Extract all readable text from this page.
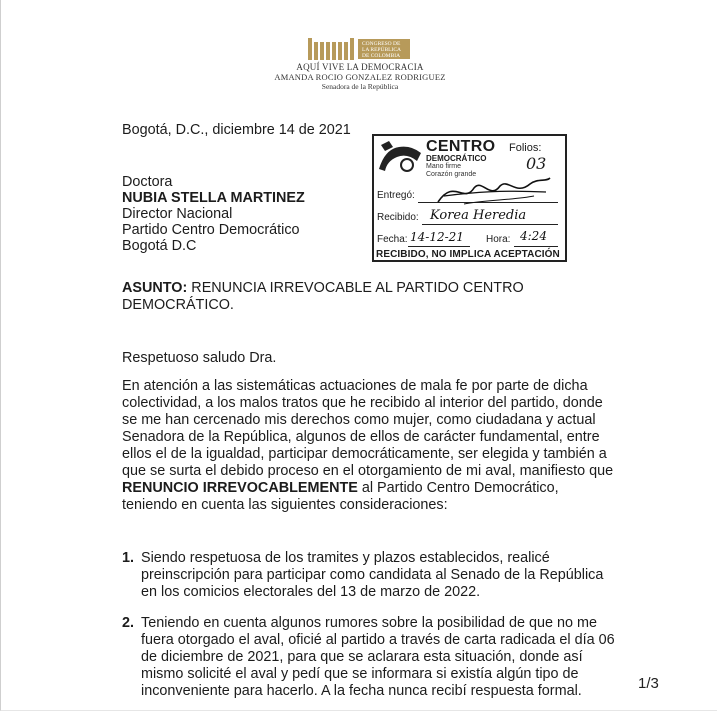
CONGRESO DE LA REPÚBLICA DE COLOMBIA
AQUÍ VIVE LA DEMOCRACIA
AMANDA ROCIO GONZALEZ RODRIGUEZ
Senadora de la República
Bogotá, D.C., diciembre 14 de 2021
Doctora
NUBIA STELLA MARTINEZ
Director Nacional
Partido Centro Democrático
Bogotá D.C
CENTRO
DEMOCRÁTICO
Mano firme
Corazón grande
Folios:
03
Entregó:
Recibido: Korea Heredia
Fecha: 14-12-21 Hora: 4:24
RECIBIDO, NO IMPLICA ACEPTACIÓN
ASUNTO: RENUNCIA IRREVOCABLE AL PARTIDO CENTRO
DEMOCRÁTICO.
Respetuoso saludo Dra.
En atención a las sistemáticas actuaciones de mala fe por parte de dicha
colectividad, a los malos tratos que he recibido al interior del partido, donde
se me han cercenado mis derechos como mujer, como ciudadana y actual
Senadora de la República, algunos de ellos de carácter fundamental, entre
ellos el de la igualdad, participar democráticamente, ser elegida y también a
que se surta el debido proceso en el otorgamiento de mi aval, manifiesto que
RENUNCIO IRREVOCABLEMENTE al Partido Centro Democrático,
teniendo en cuenta las siguientes consideraciones:
1. Siendo respetuosa de los tramites y plazos establecidos, realicé
preinscripción para participar como candidata al Senado de la República
en los comicios electorales del 13 de marzo de 2022.
2. Teniendo en cuenta algunos rumores sobre la posibilidad de que no me
fuera otorgado el aval, oficié al partido a través de carta radicada el día 06
de diciembre de 2021, para que se aclarara esta situación, donde así
mismo solicité el aval y pedí que se informara si existía algún tipo de
inconveniente para hacerlo. A la fecha nunca recibí respuesta formal.	1/3
